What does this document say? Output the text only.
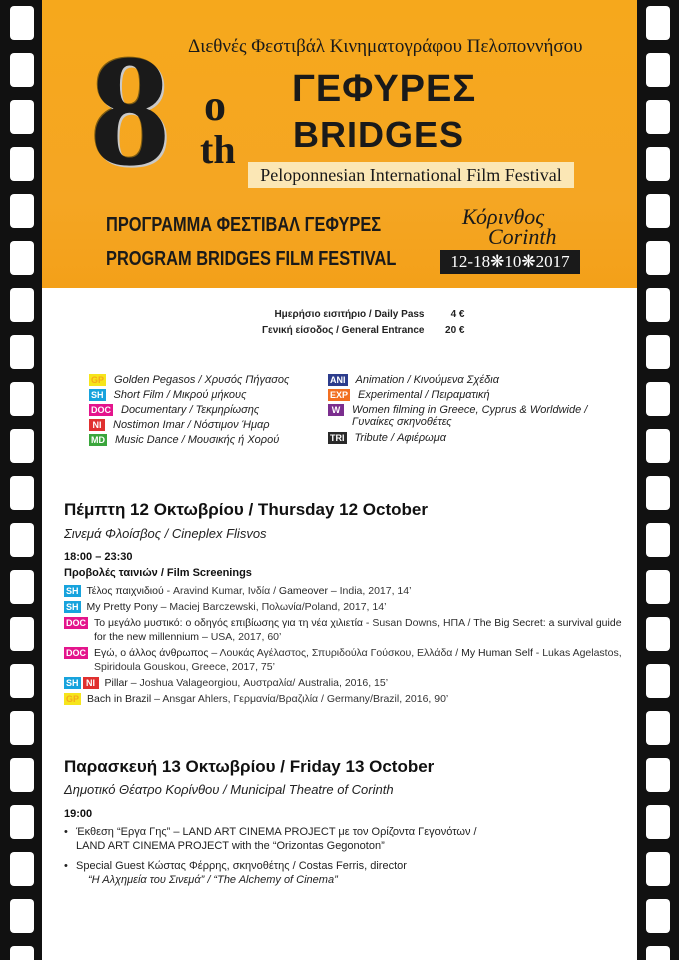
8 o
th
Διεθνές Φεστιβάλ Κινηματογράφου Πελοποννήσου
ΓΕΦΥΡΕΣ
BRIDGES
Peloponnesian International Film Festival
ΠΡΟΓΡΑΜΜΑ ΦΕΣΤΙΒΑΛ ΓΕΦΥΡΕΣ
PROGRAM BRIDGES FILM FESTIVAL
Κόρινθος
Corinth
12-18❋10❋2017
Ημερήσιο εισιτήριο / Daily Pass	4 €
Γενική είσοδος / General Entrance	20 €
GP Golden Pegasos / Χρυσός Πήγασος
SH Short Film / Μικρού μήκους
DOC Documentary / Τεκμηρίωσης
NI	Nostimon Imar / Νόστιμον Ήμαρ
MD Music Dance / Μουσικής ή Χορού
ANI Animation / Κινούμενα Σχέδια
EXP Experimental / Πειραματική
W	Women filming in Greece, Cyprus & Worldwide /
Γυναίκες σκηνοθέτες
TRI Tribute / Αφιέρωμα
Πέμπτη 12 Οκτωβρίου / Thursday 12 October
Σινεμά Φλοίσβος / Cineplex Flisvos
18:00 – 23:30
Προβολές ταινιών / Film Screenings
SH Τέλος παιχνιδιού - Aravind Kumar, Ινδία / Gameover – India, 2017, 14’
SH My Pretty Pony – Maciej Barczewski, Πολωνία/Poland, 2017, 14’
DOC Το μεγάλο μυστικό: ο οδηγός επιβίωσης για τη νέα χιλιετία - Susan Downs, ΗΠΑ / The Big Secret: a survival guide for the new millennium – USA, 2017, 60’
DOC Εγώ, ο άλλος άνθρωπος – Λουκάς Αγέλαστος, Σπυριδούλα Γούσκου, Ελλάδα / My Human Self - Lukas Agelastos, Spiridoula Gouskou, Greece, 2017, 75’
SH NI Pillar – Joshua Valageorgiou, Αυστραλία/ Australia, 2016, 15’
GP Bach in Brazil – Ansgar Ahlers, Γερμανία/Βραζιλία / Germany/Brazil, 2016, 90’
Παρασκευή 13 Οκτωβρίου / Friday 13 October
Δημοτικό Θέατρο Κορίνθου / Municipal Theatre of Corinth
19:00
• Έκθεση “Εργα Γης” – LAND ART CINEMA PROJECT με τον Ορίζοντα Γεγονότων /
LAND ART CINEMA PROJECT with the “Orizontas Gegonoton”
• Special Guest Κώστας Φέρρης, σκηνοθέτης / Costas Ferris, director
“Η Αλχημεία του Σινεμά” / “The Alchemy of Cinema”
